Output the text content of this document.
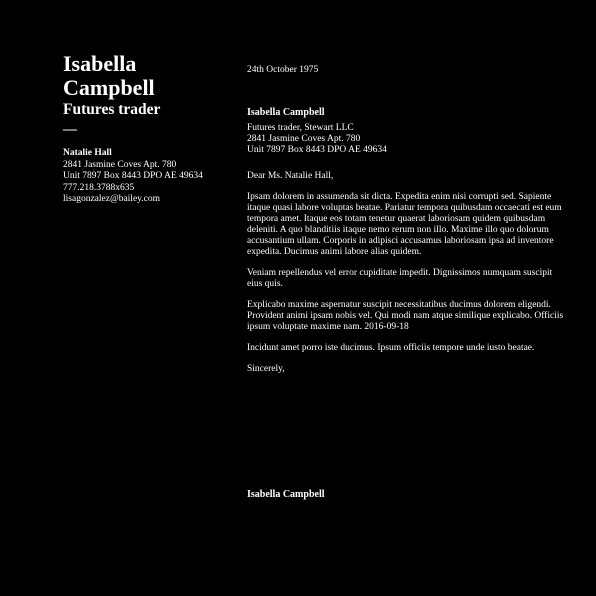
Isabella
Campbell
Futures trader
—
Natalie Hall
2841 Jasmine Coves Apt. 780
Unit 7897 Box 8443 DPO AE 49634
777.218.3788x635
lisagonzalez@bailey.com
24th October 1975
Isabella Campbell
Futures trader, Stewart LLC
2841 Jasmine Coves Apt. 780
Unit 7897 Box 8443 DPO AE 49634
Dear Ms. Natalie Hall,
Ipsam dolorem in assumenda sit dicta. Expedita enim nisi corrupti sed. Sapiente itaque quasi labore voluptas beatae. Pariatur tempora quibusdam occaecati est eum tempora amet. Itaque eos totam tenetur quaerat laboriosam quidem quibusdam deleniti. A quo blanditiis itaque nemo rerum non illo. Maxime illo quo dolorum accusantium ullam. Corporis in adipisci accusamus laboriosam ipsa ad inventore expedita. Ducimus animi labore alias quidem.
Veniam repellendus vel error cupiditate impedit. Dignissimos numquam suscipit eius quis.
Explicabo maxime aspernatur suscipit necessitatibus ducimus dolorem eligendi. Provident animi ipsam nobis vel. Qui modi nam atque similique explicabo. Officiis ipsum voluptate maxime nam. 2016-09-18
Incidunt amet porro iste ducimus. Ipsum officiis tempore unde iusto beatae.
Sincerely,
Isabella Campbell
